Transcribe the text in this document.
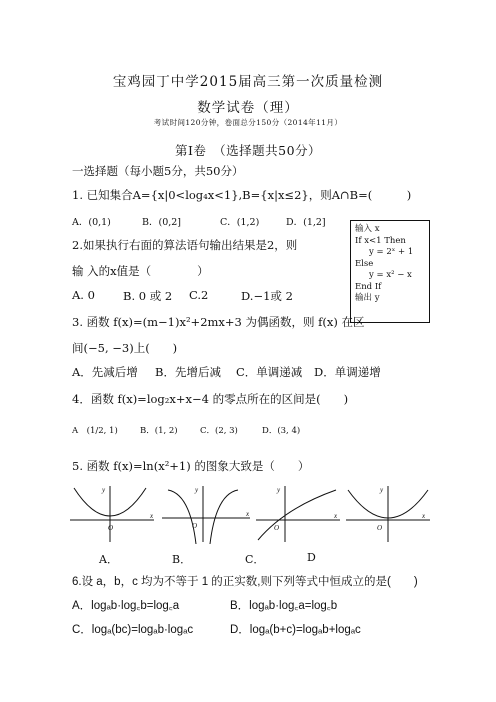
宝鸡园丁中学2015届高三第一次质量检测
数学试卷（理）
考试时间120分钟，卷面总分150分（2014年11月）
第Ⅰ卷　（选择题共50分）
一选择题（每小题5分，共50分）
1. 已知集合A={x|0<log₄x<1},B={x|x≤2}，则A∩B=(　　　)
A．(0,1)	B．(0,2]	C．(1,2)	D．(1,2]
输入 x
If x<1 Then
y = 2ˣ + 1
Else
y = x² − x
End If
输出 y
2.如果执行右面的算法语句输出结果是2，则
输 入的x值是（　　　　）
A. 0 B. 0 或 2 C.2	D.−1或 2
3. 函数 f(x)=(m−1)x²+2mx+3 为偶函数，则 f(x) 在区
间(−5, −3)上(　　)
A．先减后增 B．先增后减 C．单调递减 D．单调递增
4．函数 f(x)=log₂x+x−4 的零点所在的区间是(　　)
A　(1/2, 1)	B．(1, 2)	C．(2, 3)	D．(3, 4)
5. 函数 f(x)=ln(x²+1) 的图象大致是（　　）
O	O	O	O
x	x	x	x
y	y	y	y
A．	B．	C．	D
6.设 a，b，c 均为不等于 1 的正实数,则下列等式中恒成立的是(　　)
A．logₐb·log꜀b=log꜀a	B．logₐb·log꜀a=log꜀b
C．logₐ(bc)=logₐb·logₐc	D．logₐ(b+c)=logₐb+logₐc
